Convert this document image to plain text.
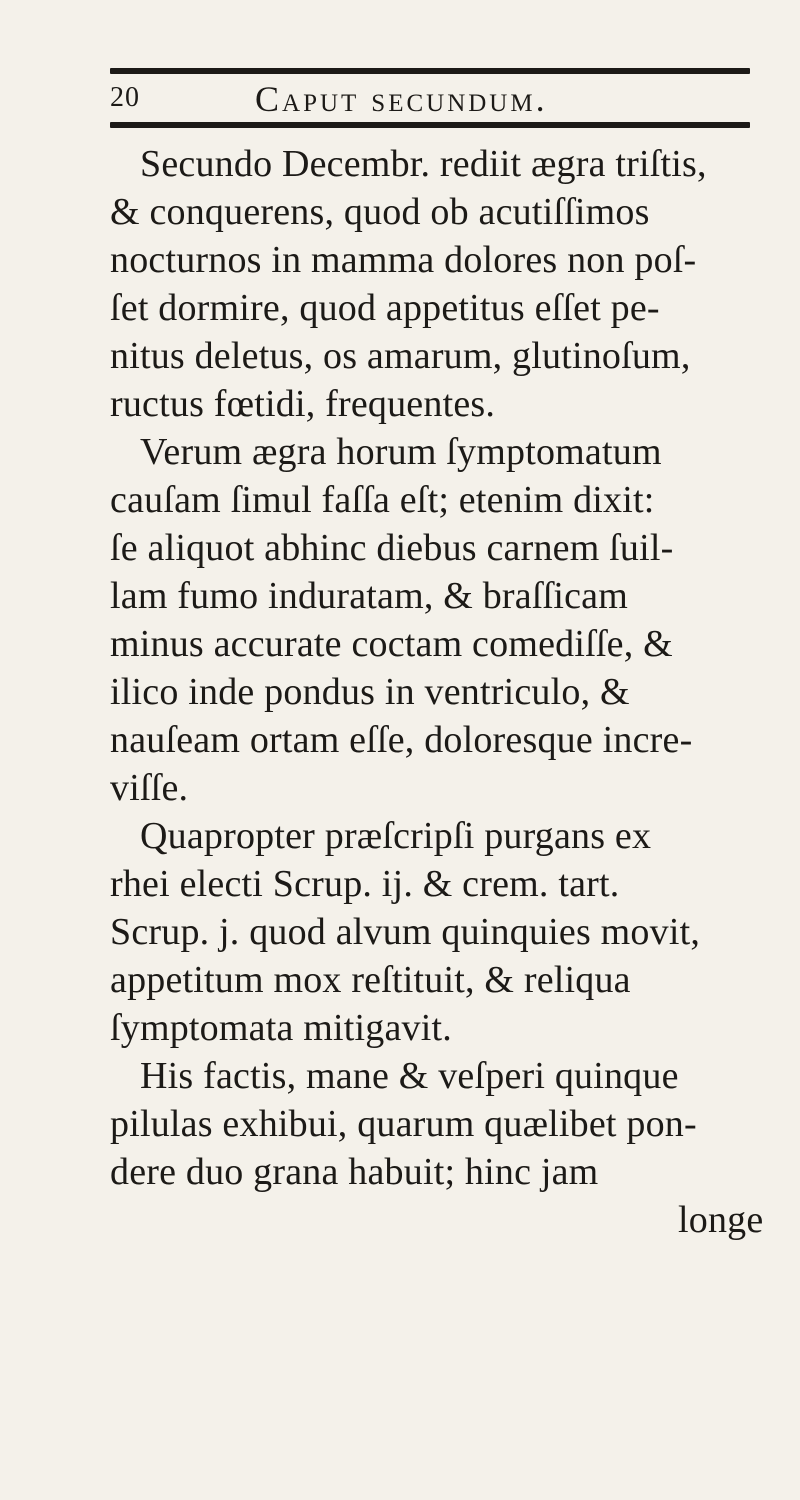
20	Caput secundum.
Secundo Decembr. rediit ægra triſtis,
& conquerens, quod ob acutiſſimos
nocturnos in mamma dolores non poſ-
ſet dormire, quod appetitus eſſet pe-
nitus deletus, os amarum, glutinoſum,
ructus fœtidi, frequentes.
Verum ægra horum ſymptomatum
cauſam ſimul faſſa eſt; etenim dixit:
ſe aliquot abhinc diebus carnem ſuil-
lam fumo induratam, & braſſicam
minus accurate coctam comediſſe, &
ilico inde pondus in ventriculo, &
nauſeam ortam eſſe, doloresque incre-
viſſe.
Quapropter præſcripſi purgans ex
rhei electi Scrup. ij. & crem. tart.
Scrup. j. quod alvum quinquies movit,
appetitum mox reſtituit, & reliqua
ſymptomata mitigavit.
His factis, mane & veſperi quinque
pilulas exhibui, quarum quælibet pon-
dere duo grana habuit; hinc jam
longe
